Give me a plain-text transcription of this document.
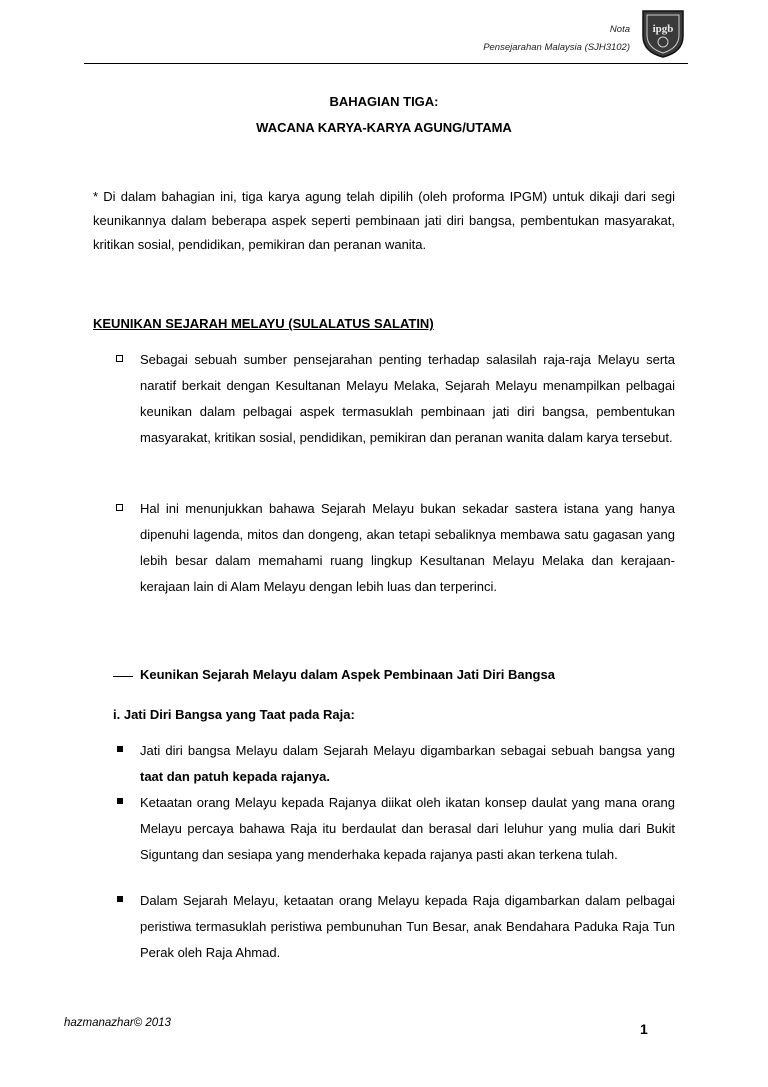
Nota
Pensejarahan Malaysia (SJH3102)
ipgb
BAHAGIAN TIGA:
WACANA KARYA-KARYA AGUNG/UTAMA
* Di dalam bahagian ini, tiga karya agung telah dipilih (oleh proforma IPGM) untuk dikaji dari segi keunikannya dalam beberapa aspek seperti pembinaan jati diri bangsa, pembentukan masyarakat, kritikan sosial, pendidikan, pemikiran dan peranan wanita.
KEUNIKAN SEJARAH MELAYU (SULALATUS SALATIN)
Sebagai sebuah sumber pensejarahan penting terhadap salasilah raja-raja Melayu serta naratif berkait dengan Kesultanan Melayu Melaka, Sejarah Melayu menampilkan pelbagai keunikan dalam pelbagai aspek termasuklah pembinaan jati diri bangsa, pembentukan masyarakat, kritikan sosial, pendidikan, pemikiran dan peranan wanita dalam karya tersebut.
Hal ini menunjukkan bahawa Sejarah Melayu bukan sekadar sastera istana yang hanya dipenuhi lagenda, mitos dan dongeng, akan tetapi sebaliknya membawa satu gagasan yang lebih besar dalam memahami ruang lingkup Kesultanan Melayu Melaka dan kerajaan-kerajaan lain di Alam Melayu dengan lebih luas dan terperinci.
Keunikan Sejarah Melayu dalam Aspek Pembinaan Jati Diri Bangsa
i. Jati Diri Bangsa yang Taat pada Raja:
Jati diri bangsa Melayu dalam Sejarah Melayu digambarkan sebagai sebuah bangsa yang taat dan patuh kepada rajanya.
Ketaatan orang Melayu kepada Rajanya diikat oleh ikatan konsep daulat yang mana orang Melayu percaya bahawa Raja itu berdaulat dan berasal dari leluhur yang mulia dari Bukit Siguntang dan sesiapa yang menderhaka kepada rajanya pasti akan terkena tulah.
Dalam Sejarah Melayu, ketaatan orang Melayu kepada Raja digambarkan dalam pelbagai peristiwa termasuklah peristiwa pembunuhan Tun Besar, anak Bendahara Paduka Raja Tun Perak oleh Raja Ahmad.
hazmanazhar© 2013	1
